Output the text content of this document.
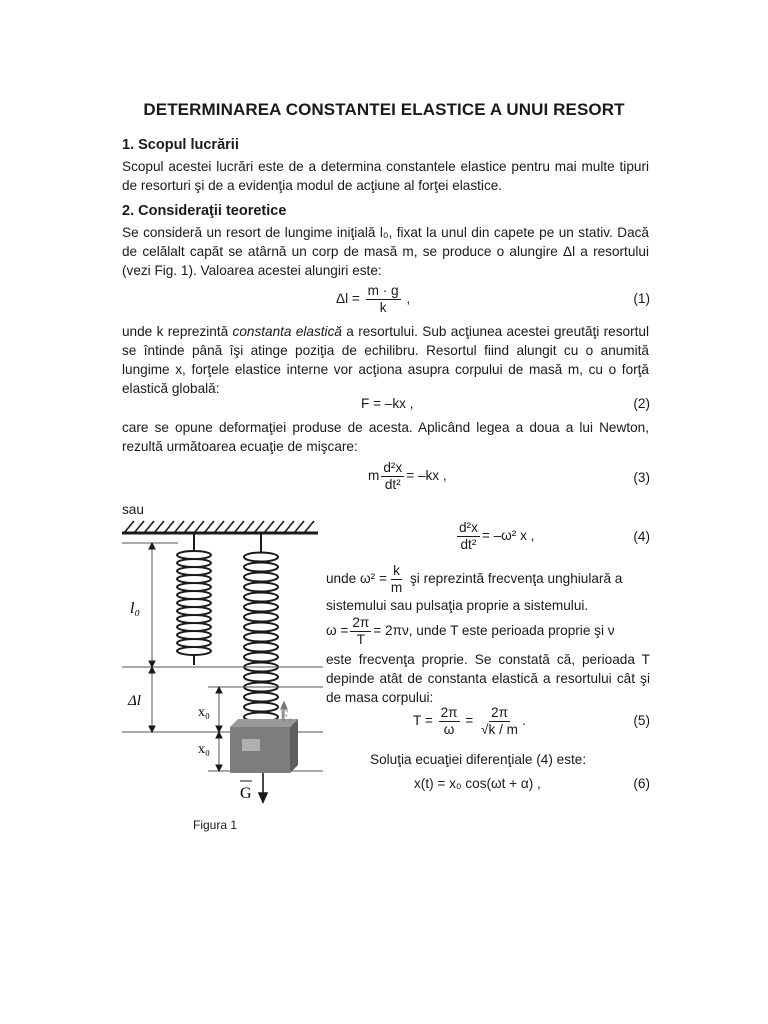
DETERMINAREA CONSTANTEI ELASTICE A UNUI RESORT
1. Scopul lucrării
Scopul acestei lucrări este de a determina constantele elastice pentru mai multe tipuri de resorturi şi de a evidenţia modul de acţiune al forţei elastice.
2. Consideraţii teoretice
Se consideră un resort de lungime iniţială l₀, fixat la unul din capete pe un stativ. Dacă de celălalt capăt se atârnă un corp de masă m, se produce o alungire Δl a resortului (vezi Fig. 1). Valoarea acestei alungiri este:
$\Delta l = \frac{m \cdot g}{k}$ ,	(1)
unde k reprezintă constanta elastică a resortului. Sub acţiunea acestei greutăţi resortul se întinde până îşi atinge poziţia de echilibru. Resortul fiind alungit cu o anumită lungime x, forţele elastice interne vor acţiona asupra corpului de masă m, cu o forţă elastică globală:
F = –kx ,	(2)
care se opune deformaţiei produse de acesta. Aplicând legea a doua a lui Newton, rezultă următoarea ecuaţie de mişcare:
m $\frac{\text{d²x}}{\text{dt²}} = -kx$ ,	(3)
sau
$\frac{\text{d²x}}{\text{dt²}} = -\omega^2$ x ,	(4)
unde $\omega^2 = \frac{k}{m}$ şi reprezintă frecvenţa unghiulară a sistemului sau pulsaţia proprie a sistemului.
$\omega = \frac{2\pi}{T} = 2\pi\nu$, unde T este perioada proprie şi ν
este frecvenţa proprie. Se constată că, perioada T depinde atât de constanta elastică a resortului cât şi de masa corpului:
$T = \frac{2\pi}{\omega} = \frac{2\pi}{√k / m}$ .	(5)
Soluţia ecuaţiei diferenţiale (4) este:
x(t) = x₀ cos(ωt + α) ,	(6)
l₀
Δl
x₀
x₀
$F_e$
G
Figura 1
